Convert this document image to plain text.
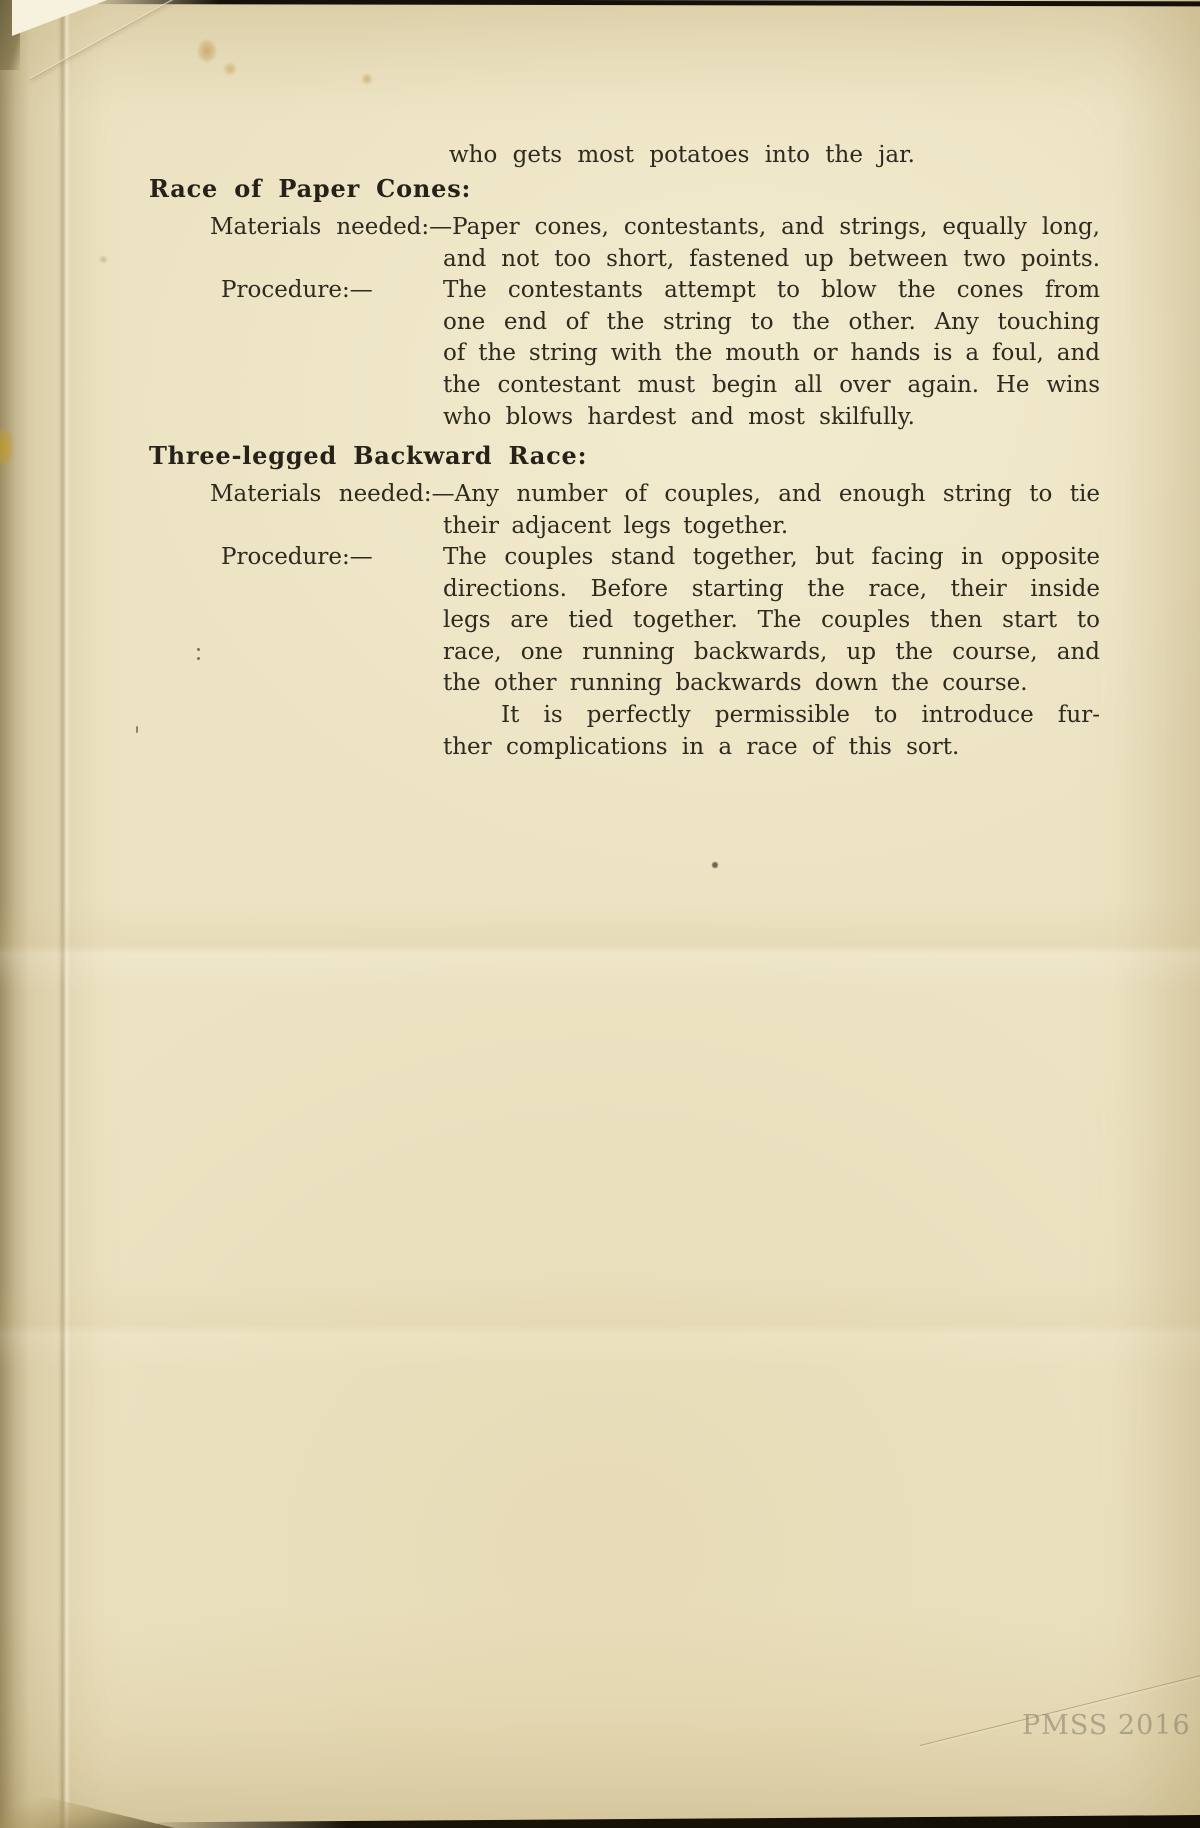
who gets most potatoes into the jar.
Race of Paper Cones:
Materials needed:—Paper cones, contestants, and strings, equally long,
and not too short, fastened up between two points.
Procedure:—	The contestants attempt to blow the cones from
one end of the string to the other. Any touching
of the string with the mouth or hands is a foul, and
the contestant must begin all over again. He wins
who blows hardest and most skilfully.
Three-legged Backward Race:
Materials needed:—Any number of couples, and enough string to tie
their adjacent legs together.
Procedure:—	The couples stand together, but facing in opposite
directions. Before starting the race, their inside
legs are tied together. The couples then start to
race, one running backwards, up the course, and
the other running backwards down the course.
It is perfectly permissible to introduce fur-
ther complications in a race of this sort.
PMSS 2016
